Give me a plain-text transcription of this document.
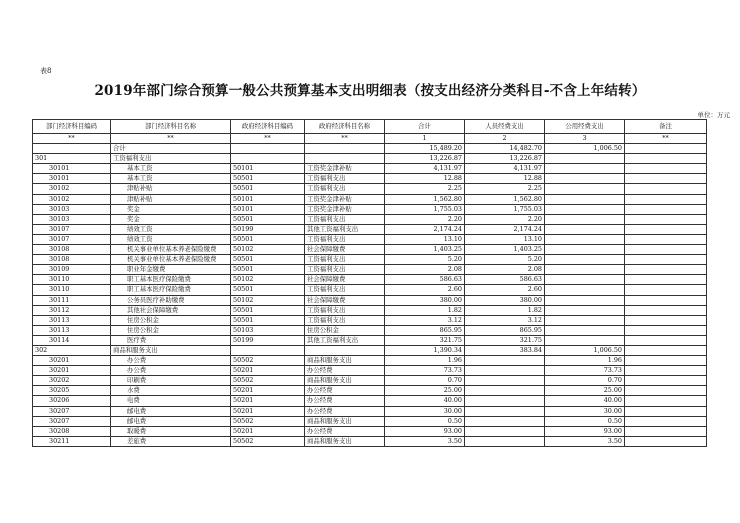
表8
2019年部门综合预算一般公共预算基本支出明细表（按支出经济分类科目-不含上年结转）
单位：万元
部门经济科目编码	部门经济科目名称	政府经济科目编码	政府经济科目名称	合计	人员经费支出	公用经费支出	备注
**	**	**	**	1	2	3	**
	合计			15,489.20	14,482.70	1,006.50	
301	工资福利支出			13,226.87	13,226.87		
30101	基本工资	50101	工资奖金津补贴	4,131.97	4,131.97		
30101	基本工资	50501	工资福利支出	12.88	12.88		
30102	津贴补贴	50501	工资福利支出	2.25	2.25		
30102	津贴补贴	50101	工资奖金津补贴	1,562.80	1,562.80		
30103	奖金	50101	工资奖金津补贴	1,755.03	1,755.03		
30103	奖金	50501	工资福利支出	2.20	2.20		
30107	绩效工资	50199	其他工资福利支出	2,174.24	2,174.24		
30107	绩效工资	50501	工资福利支出	13.10	13.10		
30108	机关事业单位基本养老保险缴费	50102	社会保障缴费	1,403.25	1,403.25		
30108	机关事业单位基本养老保险缴费	50501	工资福利支出	5.20	5.20		
30109	职业年金缴费	50501	工资福利支出	2.08	2.08		
30110	职工基本医疗保险缴费	50102	社会保障缴费	586.63	586.63		
30110	职工基本医疗保险缴费	50501	工资福利支出	2.60	2.60		
30111	公务员医疗补助缴费	50102	社会保障缴费	380.00	380.00		
30112	其他社会保障缴费	50501	工资福利支出	1.82	1.82		
30113	住房公积金	50501	工资福利支出	3.12	3.12		
30113	住房公积金	50103	住房公积金	865.95	865.95		
30114	医疗费	50199	其他工资福利支出	321.75	321.75		
302	商品和服务支出			1,390.34	383.84	1,006.50	
30201	办公费	50502	商品和服务支出	1.96		1.96	
30201	办公费	50201	办公经费	73.73		73.73	
30202	印刷费	50502	商品和服务支出	0.70		0.70	
30205	水费	50201	办公经费	25.00		25.00	
30206	电费	50201	办公经费	40.00		40.00	
30207	邮电费	50201	办公经费	30.00		30.00	
30207	邮电费	50502	商品和服务支出	0.50		0.50	
30208	取暖费	50201	办公经费	93.00		93.00	
30211	差旅费	50502	商品和服务支出	3.50		3.50	
